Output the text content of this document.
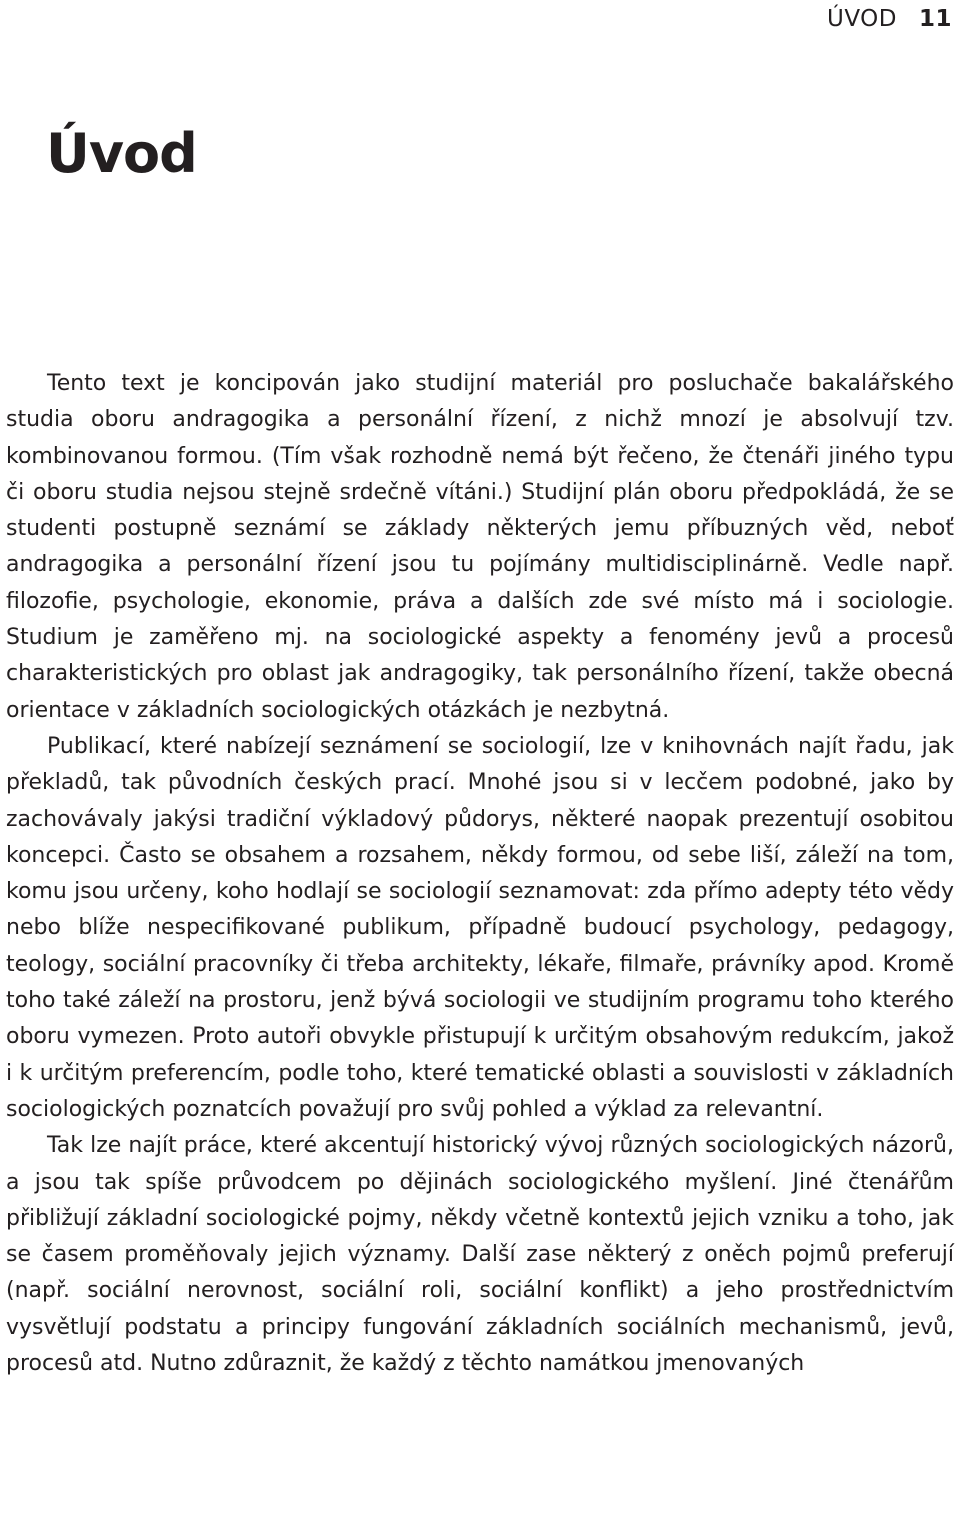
ÚVOD 11
Úvod

Tento text je koncipován jako studijní materiál pro posluchače bakalářského studia oboru andragogika a personální řízení, z nichž mnozí je absolvují tzv. kombinovanou formou. (Tím však rozhodně nemá být řečeno, že čtenáři jiného typu či oboru studia nejsou stejně srdečně vítáni.) Studijní plán oboru předpokládá, že se studenti postupně seznámí se základy některých jemu příbuzných věd, neboť andragogika a personální řízení jsou tu pojímány multidisciplinárně. Vedle např. filozofie, psychologie, ekonomie, práva a dalších zde své místo má i sociologie. Studium je zaměřeno mj. na sociologické aspekty a fenomény jevů a procesů charakteristických pro oblast jak andragogiky, tak personálního řízení, takže obecná orientace v základních sociologických otázkách je nezbytná.

Publikací, které nabízejí seznámení se sociologií, lze v knihovnách najít řadu, jak překladů, tak původních českých prací. Mnohé jsou si v lecčem podobné, jako by zachovávaly jakýsi tradiční výkladový půdorys, některé naopak prezentují osobitou koncepci. Často se obsahem a rozsahem, někdy formou, od sebe liší, záleží na tom, komu jsou určeny, koho hodlají se sociologií seznamovat: zda přímo adepty této vědy nebo blíže nespecifikované publikum, případně budoucí psychology, pedagogy, teology, sociální pracovníky či třeba architekty, lékaře, filmaře, právníky apod. Kromě toho také záleží na prostoru, jenž bývá sociologii ve studijním programu toho kterého oboru vymezen. Proto autoři obvykle přistupují k určitým obsahovým redukcím, jakož i k určitým preferencím, podle toho, které tematické oblasti a souvislosti v základních sociologických poznatcích považují pro svůj pohled a výklad za relevantní.

Tak lze najít práce, které akcentují historický vývoj různých sociologických názorů, a jsou tak spíše průvodcem po dějinách sociologického myšlení. Jiné čtenářům přibližují základní sociologické pojmy, někdy včetně kontextů jejich vzniku a toho, jak se časem proměňovaly jejich významy. Další zase některý z oněch pojmů preferují (např. sociální nerovnost, sociální roli, sociální konflikt) a jeho prostřednictvím vysvětlují podstatu a principy fungování základních sociálních mechanismů, jevů, procesů atd. Nutno zdůraznit, že každý z těchto namátkou jmenovaných
